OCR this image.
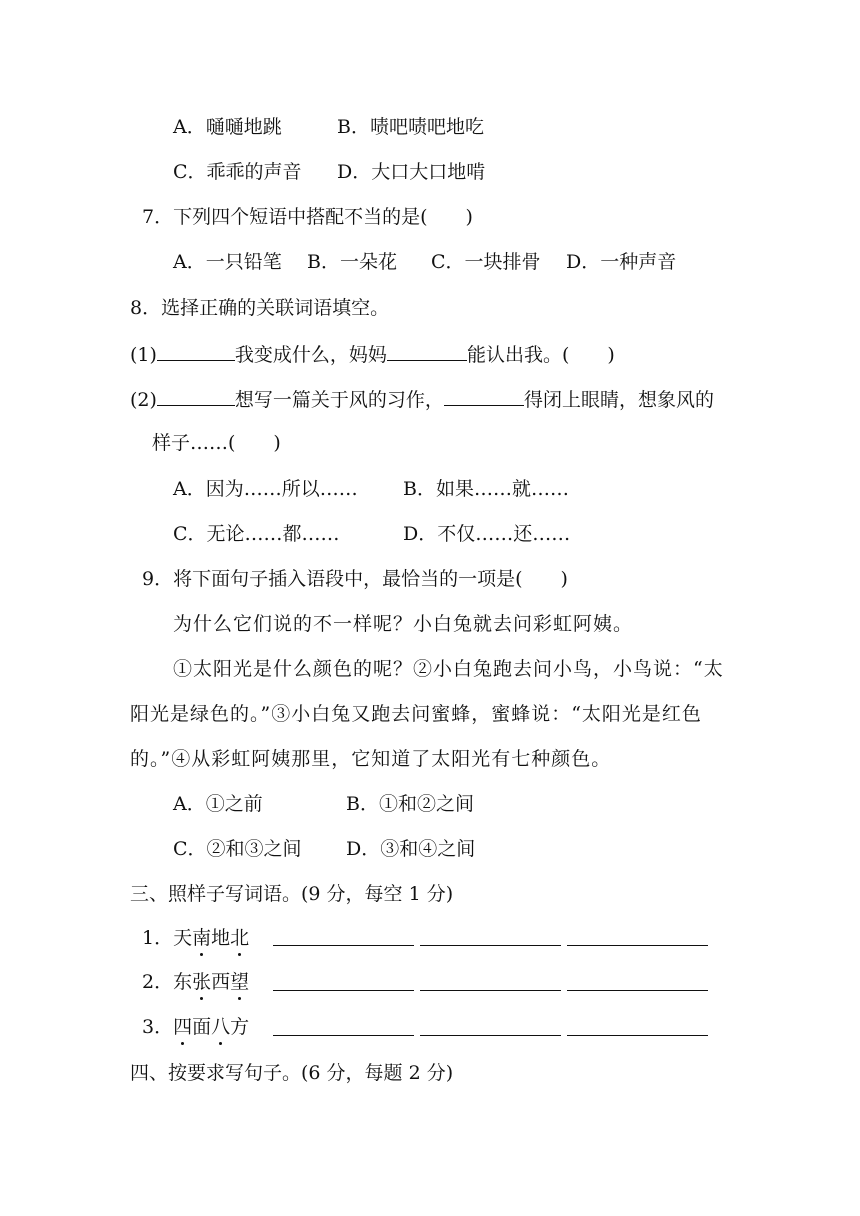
A．嗵嗵地跳	B．啧吧啧吧地吃
C．乖乖的声音 D．大口大口地啃
7．下列四个短语中搭配不当的是(　　)
A．一只铅笔 B．一朵花 C．一块排骨 D．一种声音
8．选择正确的关联词语填空。
(1)	我变成什么，妈妈	能认出我。(　　)
(2)	想写一篇关于风的习作，	得闭上眼睛，想象风的
样子……(　　)
A．因为……所以…… B．如果……就……
C．无论……都……	D．不仅……还……
9．将下面句子插入语段中，最恰当的一项是(　　)
为什么它们说的不一样呢？小白兔就去问彩虹阿姨。
①太阳光是什么颜色的呢？②小白兔跑去问小鸟，小鸟说：“太
阳光是绿色的。”③小白兔又跑去问蜜蜂，蜜蜂说：“太阳光是红色
的。”④从彩虹阿姨那里，它知道了太阳光有七种颜色。
A．①之前	B．①和②之间
C．②和③之间 D．③和④之间
三、照样子写词语。(9 分，每空 1 分)
1．天南地北
2．东张西望
3．四面八方
四、按要求写句子。(6 分，每题 2 分)
